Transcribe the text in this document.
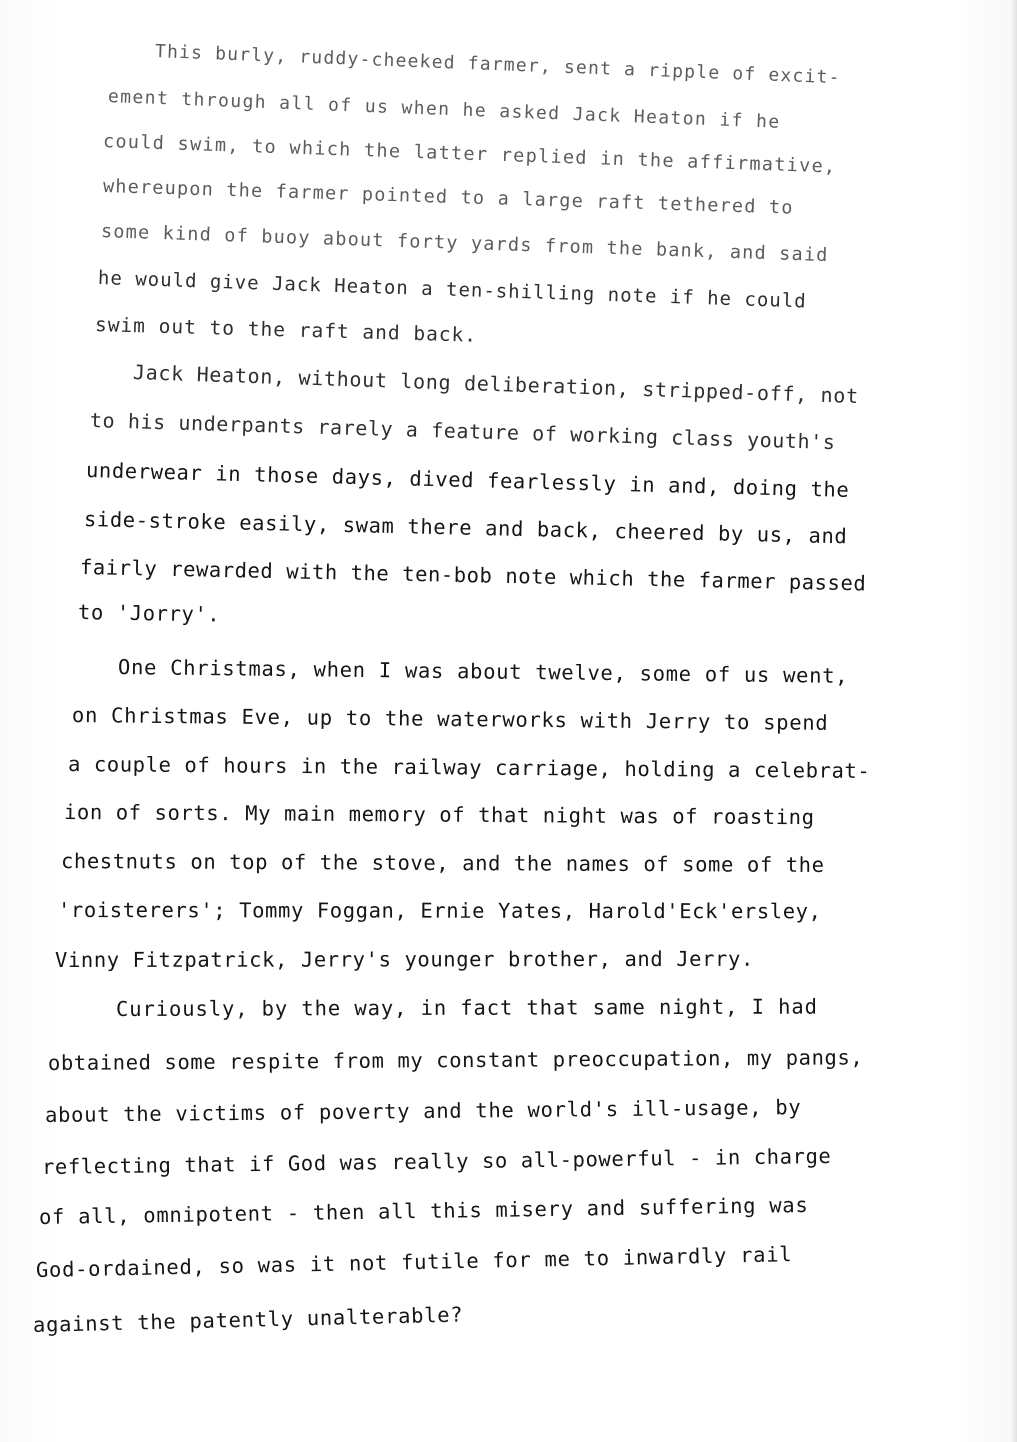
This burly, ruddy-cheeked farmer, sent a ripple of excit-
ement through all of us when he asked Jack Heaton if he
could swim, to which the latter replied in the affirmative,
whereupon the farmer pointed to a large raft tethered to
some kind of buoy about forty yards from the bank, and said
he would give Jack Heaton a ten-shilling note if he could
swim out to the raft and back.
Jack Heaton, without long deliberation, stripped-off, not
to his underpants rarely a feature of working class youth's
underwear in those days, dived fearlessly in and, doing the
side-stroke easily, swam there and back, cheered by us, and
fairly rewarded with the ten-bob note which the farmer passed
to 'Jorry'.
One Christmas, when I was about twelve, some of us went,
on Christmas Eve, up to the waterworks with Jerry to spend
a couple of hours in the railway carriage, holding a celebrat-
ion of sorts. My main memory of that night was of roasting
chestnuts on top of the stove, and the names of some of the
'roisterers'; Tommy Foggan, Ernie Yates, Harold'Eck'ersley,
Vinny Fitzpatrick, Jerry's younger brother, and Jerry.
Curiously, by the way, in fact that same night, I had
obtained some respite from my constant preoccupation, my pangs,
about the victims of poverty and the world's ill-usage, by
reflecting that if God was really so all-powerful - in charge
of all, omnipotent - then all this misery and suffering was
God-ordained, so was it not futile for me to inwardly rail
against the patently unalterable?
